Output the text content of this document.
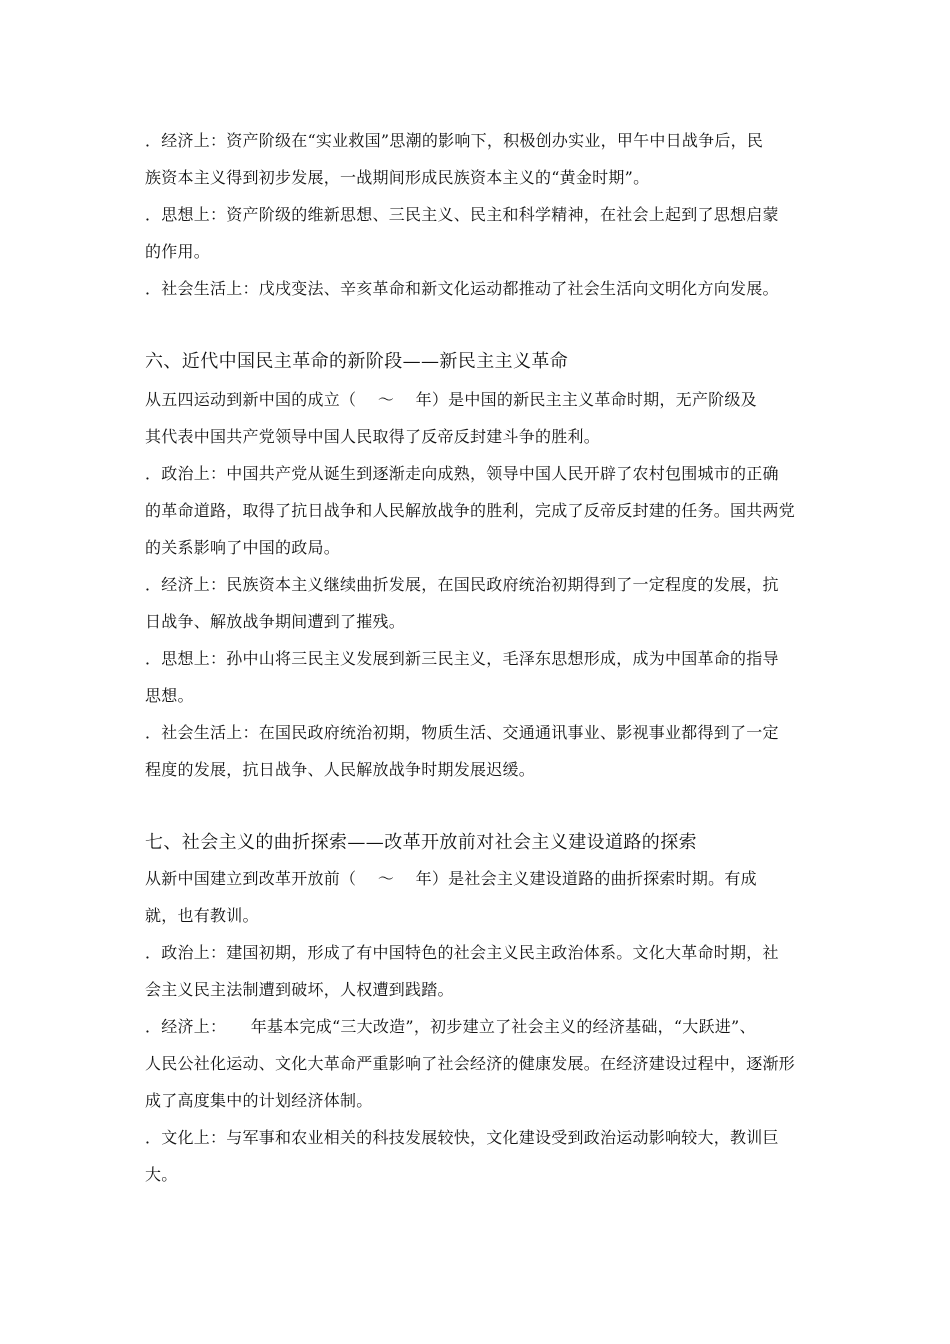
．经济上：资产阶级在“实业救国”思潮的影响下，积极创办实业，甲午中日战争后，民
族资本主义得到初步发展，一战期间形成民族资本主义的“黄金时期”。
．思想上：资产阶级的维新思想、三民主义、民主和科学精神，在社会上起到了思想启蒙
的作用。
．社会生活上：戊戌变法、辛亥革命和新文化运动都推动了社会生活向文明化方向发展。
六、近代中国民主革命的新阶段——新民主主义革命
从五四运动到新中国的成立（ 　～　 年）是中国的新民主主义革命时期，无产阶级及
其代表中国共产党领导中国人民取得了反帝反封建斗争的胜利。
．政治上：中国共产党从诞生到逐渐走向成熟，领导中国人民开辟了农村包围城市的正确
的革命道路，取得了抗日战争和人民解放战争的胜利，完成了反帝反封建的任务。国共两党
的关系影响了中国的政局。
．经济上：民族资本主义继续曲折发展，在国民政府统治初期得到了一定程度的发展，抗
日战争、解放战争期间遭到了摧残。
．思想上：孙中山将三民主义发展到新三民主义，毛泽东思想形成，成为中国革命的指导
思想。
．社会生活上：在国民政府统治初期，物质生活、交通通讯事业、影视事业都得到了一定
程度的发展，抗日战争、人民解放战争时期发展迟缓。
七、社会主义的曲折探索——改革开放前对社会主义建设道路的探索
从新中国建立到改革开放前（ 　～　 年）是社会主义建设道路的曲折探索时期。有成
就，也有教训。
．政治上：建国初期，形成了有中国特色的社会主义民主政治体系。文化大革命时期，社
会主义民主法制遭到破坏，人权遭到践踏。
．经济上：　　年基本完成“三大改造”，初步建立了社会主义的经济基础，“大跃进”、
人民公社化运动、文化大革命严重影响了社会经济的健康发展。在经济建设过程中，逐渐形
成了高度集中的计划经济体制。
．文化上：与军事和农业相关的科技发展较快，文化建设受到政治运动影响较大，教训巨
大。
